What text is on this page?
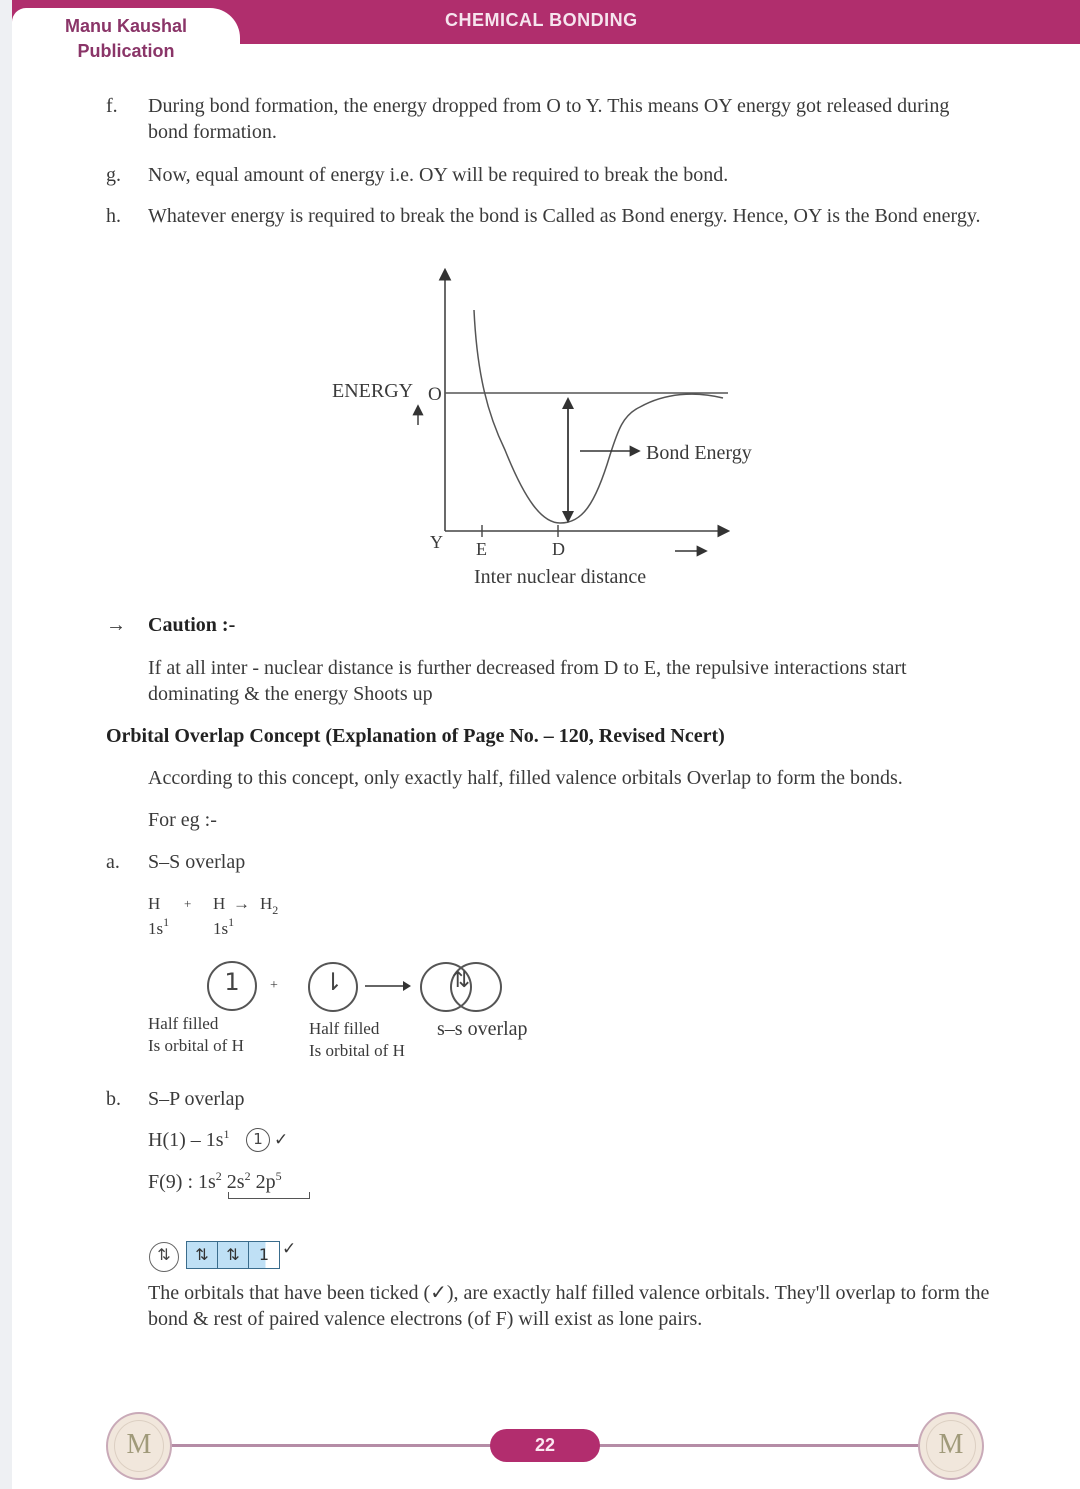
Manu Kaushal
Publication
CHEMICAL BONDING
f. During bond formation, the energy dropped from O to Y. This means OY energy got released during bond formation.
g. Now, equal amount of energy i.e. OY will be required to break the bond.
h. Whatever energy is required to break the bond is Called as Bond energy. Hence, OY is the Bond energy.
ENERGY O
Y E	D
Inter nuclear distance
Bond Energy
→ Caution :-
If at all inter - nuclear distance is further decreased from D to E, the repulsive interactions start dominating & the energy Shoots up
Orbital Overlap Concept (Explanation of Page No. – 120, Revised Ncert)
According to this concept, only exactly half, filled valence orbitals Overlap to form the bonds.
For eg :-
a. S–S overlap
$H + H \to H_2$
$1s^1$	$1s^1$
1	+	⇂	⇅
Half filled
Is orbital of H
Half filled
Is orbital of H
s–s overlap
b. S–P overlap
$H(1) - 1s^1$	1 ✓
F(9) : $1s^2$ $2s^2$ $2p^5$
⇅	⇅	⇅	1 ✓
The orbitals that have been ticked (✓), are exactly half filled valence orbitals. They'll overlap to form the bond & rest of paired valence electrons (of F) will exist as lone pairs.
M	M
22
